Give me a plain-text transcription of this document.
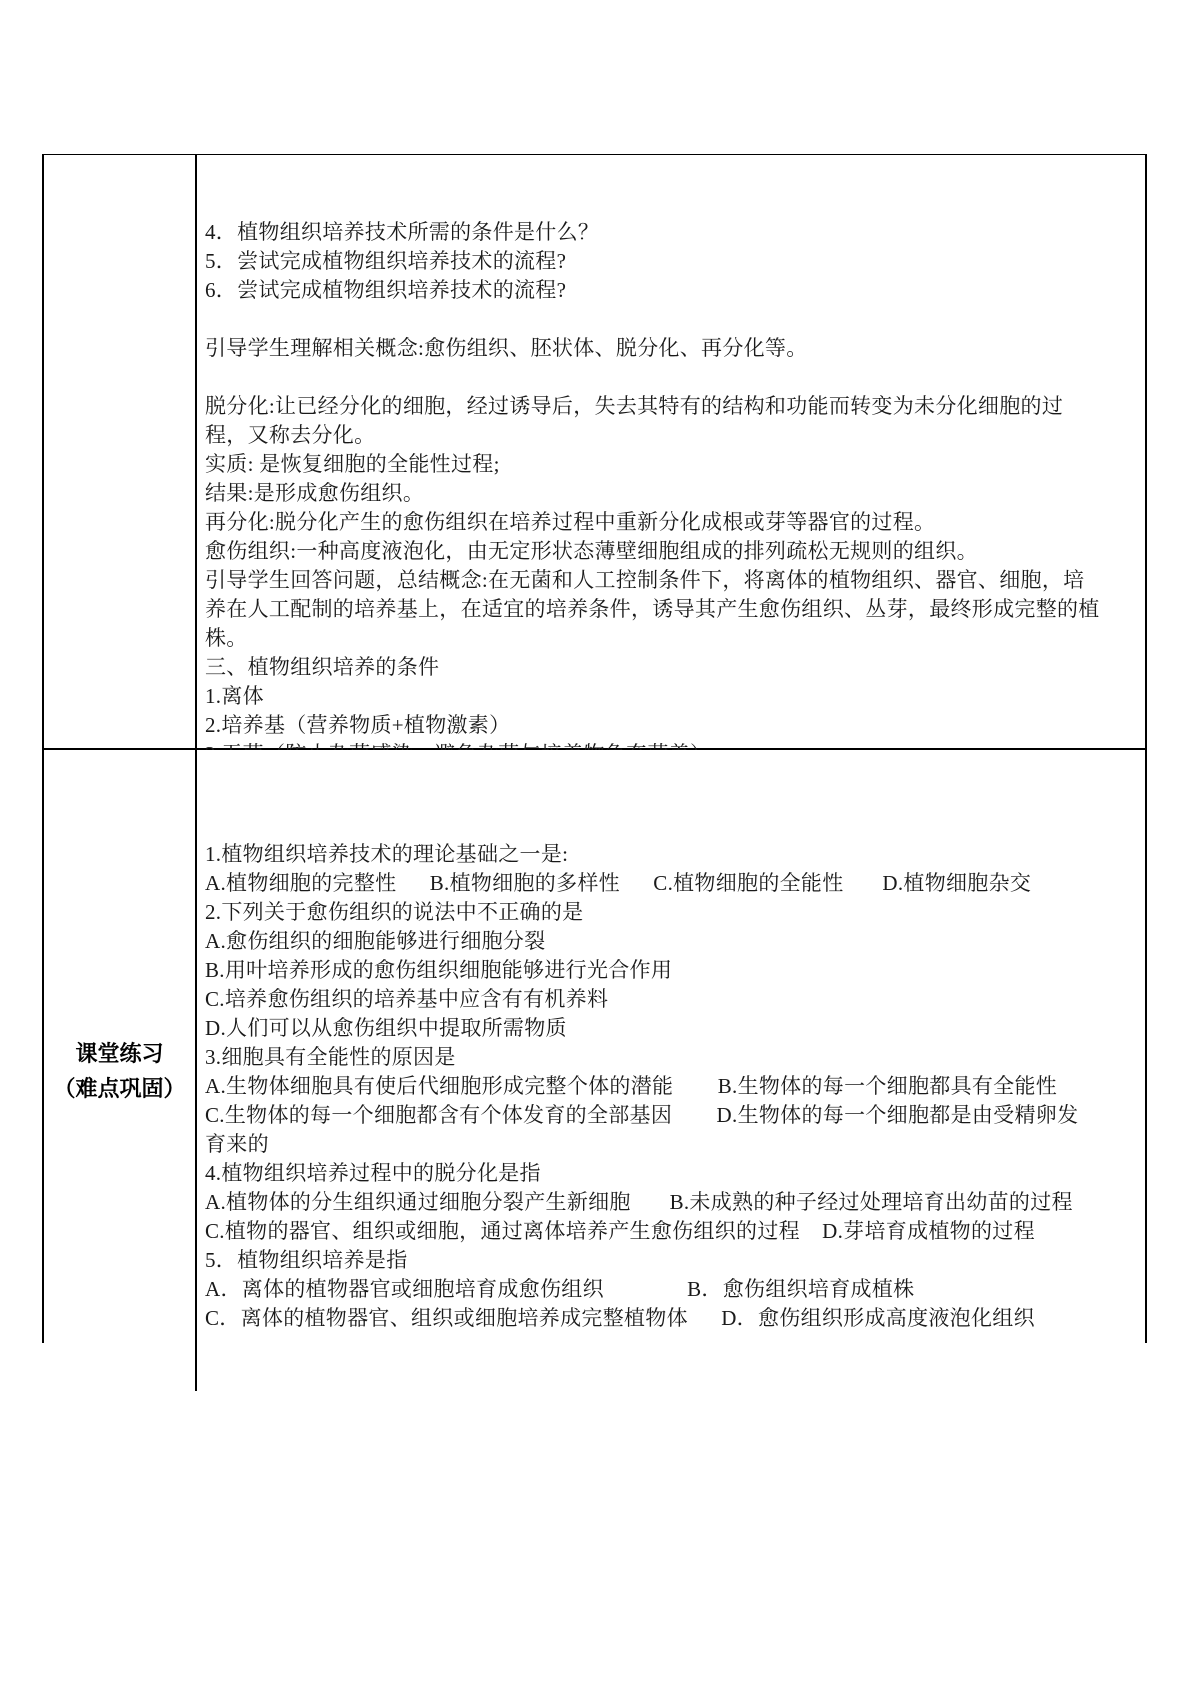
4．植物组织培养技术所需的条件是什么？
5．尝试完成植物组织培养技术的流程?
6．尝试完成植物组织培养技术的流程?
引导学生理解相关概念:愈伤组织、胚状体、脱分化、再分化等。
脱分化:让已经分化的细胞，经过诱导后，失去其特有的结构和功能而转变为未分化细胞的过
程，又称去分化。
实质: 是恢复细胞的全能性过程;
结果:是形成愈伤组织。
再分化:脱分化产生的愈伤组织在培养过程中重新分化成根或芽等器官的过程。
愈伤组织:一种高度液泡化，由无定形状态薄壁细胞组成的排列疏松无规则的组织。
引导学生回答问题，总结概念:在无菌和人工控制条件下，将离体的植物组织、器官、细胞，培
养在人工配制的培养基上，在适宜的培养条件，诱导其产生愈伤组织、丛芽，最终形成完整的植
株。
三、植物组织培养的条件
1.离体
2.培养基（营养物质+植物激素）

课堂练习
（难点巩固）

1.植物组织培养技术的理论基础之一是:
A.植物细胞的完整性      B.植物细胞的多样性      C.植物细胞的全能性       D.植物细胞杂交
2.下列关于愈伤组织的说法中不正确的是
A.愈伤组织的细胞能够进行细胞分裂
B.用叶培养形成的愈伤组织细胞能够进行光合作用
C.培养愈伤组织的培养基中应含有有机养料
D.人们可以从愈伤组织中提取所需物质
3.细胞具有全能性的原因是
A.生物体细胞具有使后代细胞形成完整个体的潜能        B.生物体的每一个细胞都具有全能性
C.生物体的每一个细胞都含有个体发育的全部基因        D.生物体的每一个细胞都是由受精卵发
育来的
4.植物组织培养过程中的脱分化是指
A.植物体的分生组织通过细胞分裂产生新细胞       B.未成熟的种子经过处理培育出幼苗的过程
C.植物的器官、组织或细胞，通过离体培养产生愈伤组织的过程    D.芽培育成植物的过程
5．植物组织培养是指
A．离体的植物器官或细胞培育成愈伤组织               B．愈伤组织培育成植株
C．离体的植物器官、组织或细胞培养成完整植物体      D．愈伤组织形成高度液泡化组织
